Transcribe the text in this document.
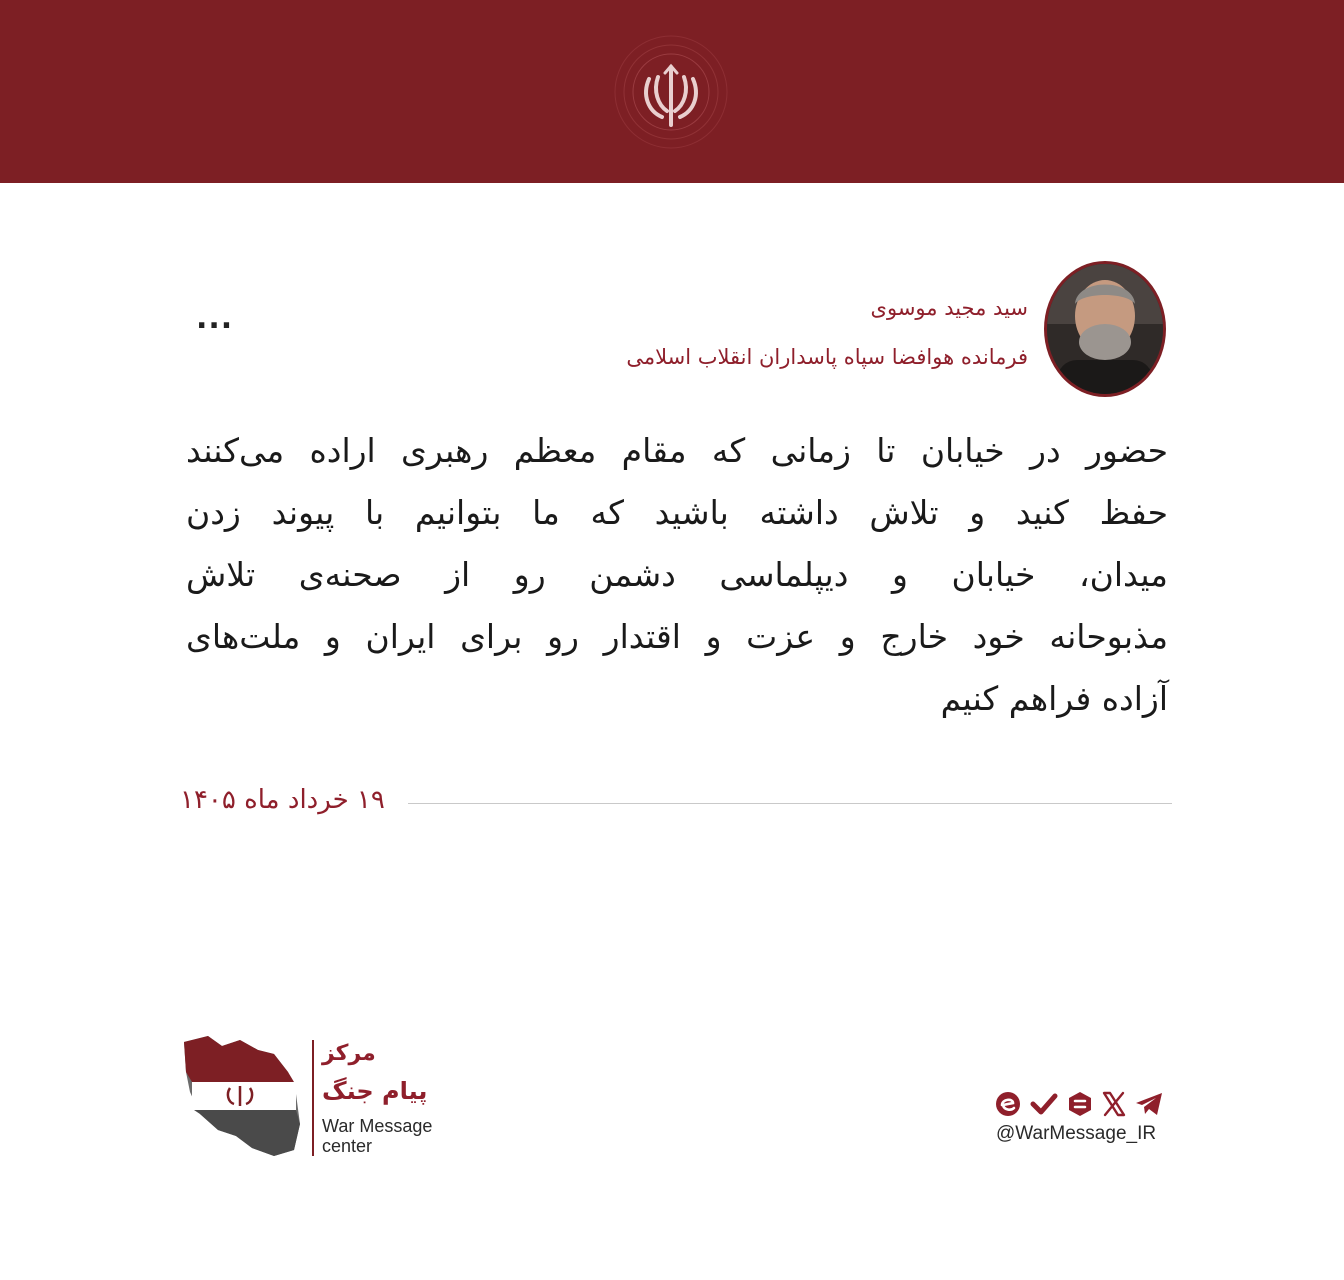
سید مجید موسوی
فرمانده هوافضا سپاه پاسداران انقلاب اسلامی
...
حضور در خیابان تا زمانی که مقام معظم رهبری اراده می‌کنند
حفظ کنید و تلاش داشته باشید که ما بتوانیم با پیوند زدن
میدان، خیابان و دیپلماسی دشمن رو از صحنه‌ی تلاش
مذبوحانه خود خارج و عزت و اقتدار رو برای ایران و ملت‌های
آزاده فراهم کنیم
۱۹ خرداد ماه ۱۴۰۵
مرکز
پیام جنگ
War Message
center
@WarMessage_IR
